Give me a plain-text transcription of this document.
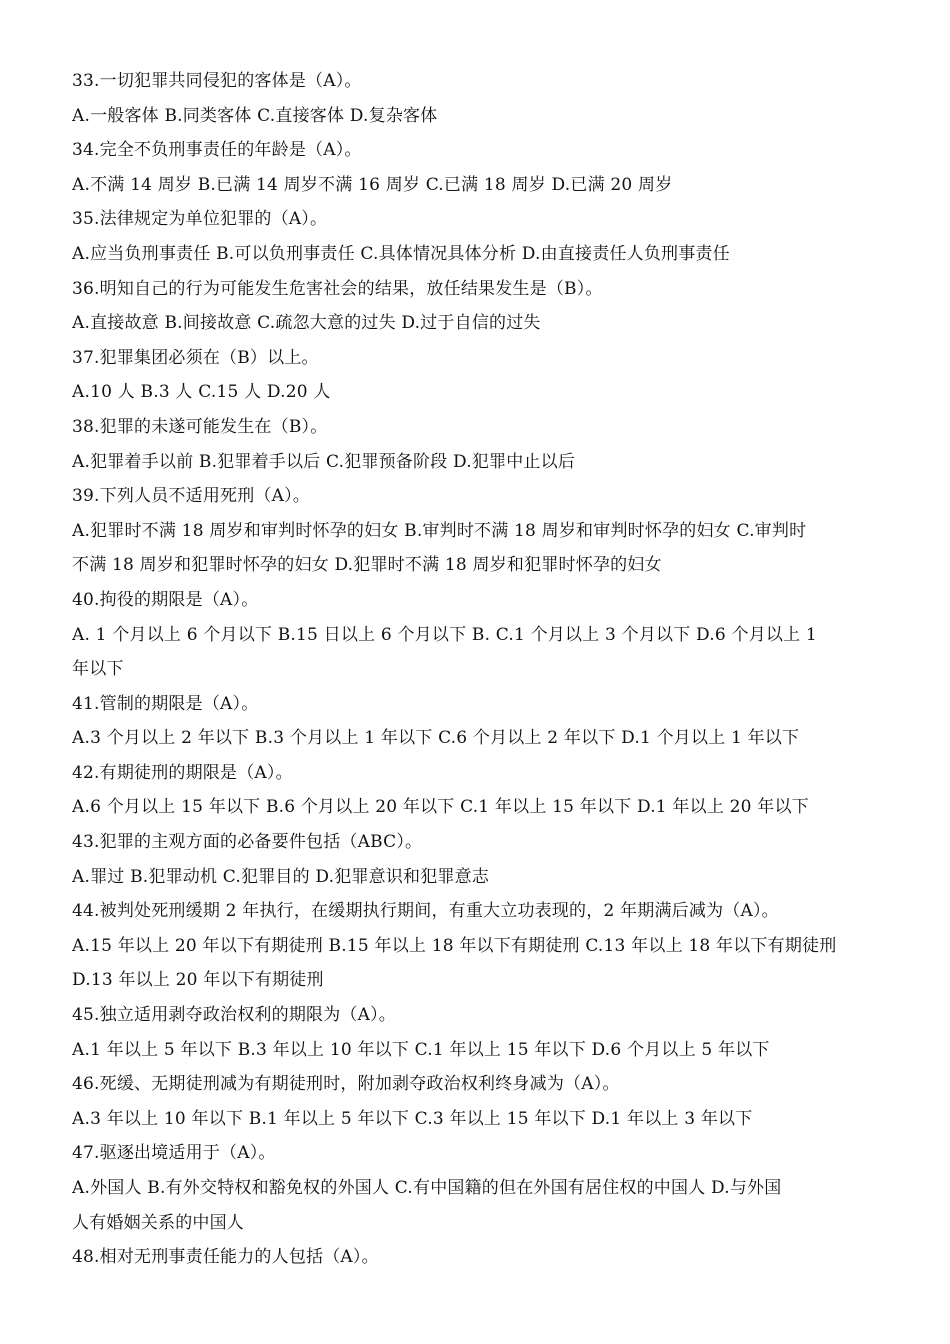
33.一切犯罪共同侵犯的客体是（A）。
A.一般客体 B.同类客体 C.直接客体 D.复杂客体
34.完全不负刑事责任的年龄是（A）。
A.不满 14 周岁 B.已满 14 周岁不满 16 周岁 C.已满 18 周岁 D.已满 20 周岁
35.法律规定为单位犯罪的（A）。
A.应当负刑事责任 B.可以负刑事责任 C.具体情况具体分析 D.由直接责任人负刑事责任
36.明知自己的行为可能发生危害社会的结果，放任结果发生是（B）。
A.直接故意 B.间接故意 C.疏忽大意的过失 D.过于自信的过失
37.犯罪集团必须在（B）以上。
A.10 人 B.3 人 C.15 人 D.20 人
38.犯罪的未遂可能发生在（B）。
A.犯罪着手以前 B.犯罪着手以后 C.犯罪预备阶段 D.犯罪中止以后
39.下列人员不适用死刑（A）。
A.犯罪时不满 18 周岁和审判时怀孕的妇女 B.审判时不满 18 周岁和审判时怀孕的妇女 C.审判时
不满 18 周岁和犯罪时怀孕的妇女 D.犯罪时不满 18 周岁和犯罪时怀孕的妇女
40.拘役的期限是（A）。
A. 1 个月以上 6 个月以下 B.15 日以上 6 个月以下 B. C.1 个月以上 3 个月以下 D.6 个月以上 1
年以下
41.管制的期限是（A）。
A.3 个月以上 2 年以下 B.3 个月以上 1 年以下 C.6 个月以上 2 年以下 D.1 个月以上 1 年以下
42.有期徒刑的期限是（A）。
A.6 个月以上 15 年以下 B.6 个月以上 20 年以下 C.1 年以上 15 年以下 D.1 年以上 20 年以下
43.犯罪的主观方面的必备要件包括（ABC）。
A.罪过 B.犯罪动机 C.犯罪目的 D.犯罪意识和犯罪意志
44.被判处死刑缓期 2 年执行，在缓期执行期间，有重大立功表现的，2 年期满后减为（A）。
A.15 年以上 20 年以下有期徒刑 B.15 年以上 18 年以下有期徒刑 C.13 年以上 18 年以下有期徒刑
D.13 年以上 20 年以下有期徒刑
45.独立适用剥夺政治权利的期限为（A）。
A.1 年以上 5 年以下 B.3 年以上 10 年以下 C.1 年以上 15 年以下 D.6 个月以上 5 年以下
46.死缓、无期徒刑减为有期徒刑时，附加剥夺政治权利终身减为（A）。
A.3 年以上 10 年以下 B.1 年以上 5 年以下 C.3 年以上 15 年以下 D.1 年以上 3 年以下
47.驱逐出境适用于（A）。
A.外国人 B.有外交特权和豁免权的外国人 C.有中国籍的但在外国有居住权的中国人 D.与外国
人有婚姻关系的中国人
48.相对无刑事责任能力的人包括（A）。
